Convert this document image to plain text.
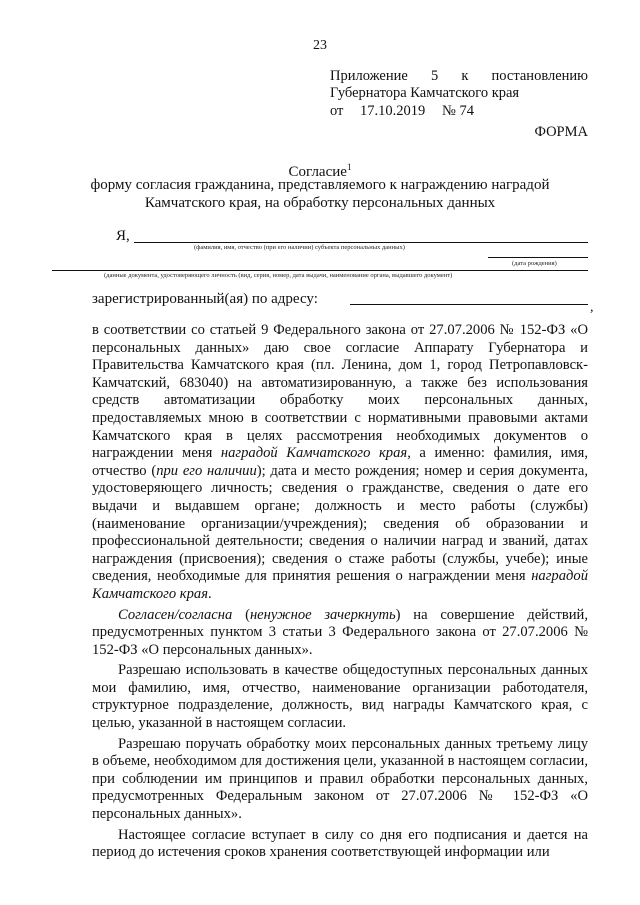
23
Приложение 5 к постановлению
Губернатора Камчатского края
от 17.10.2019 № 74
ФОРМА
Согласие$^1$
форму согласия гражданина, представляемого к награждению наградой
Камчатского края, на обработку персональных данных
Я,
(фамилия, имя, отчество (при его наличии) субъекта персональных данных)
(дата рождения)
(данные документа, удостоверяющего личность (вид, серия, номер, дата выдачи, наименование органа, выдавшего документ)
зарегистрированный(ая) по адресу:
,

в соответствии со статьей 9 Федерального закона от 27.07.2006 № 152-ФЗ «О персональных данных» даю свое согласие Аппарату Губернатора и Правительства Камчатского края (пл. Ленина, дом 1, город Петропавловск-Камчатский, 683040) на автоматизированную, а также без использования средств автоматизации обработку моих персональных данных, предоставляемых мною в соответствии с нормативными правовыми актами Камчатского края в целях рассмотрения необходимых документов о награждении меня наградой Камчатского края, а именно: фамилия, имя, отчество (при его наличии); дата и место рождения; номер и серия документа, удостоверяющего личность; сведения о гражданстве, сведения о дате его выдачи и выдавшем органе; должность и место работы (службы) (наименование организации/учреждения); сведения об образовании и профессиональной деятельности; сведения о наличии наград и званий, датах награждения (присвоения); сведения о стаже работы (службы, учебе); иные сведения, необходимые для принятия решения о награждении меня наградой Камчатского края.

Согласен/согласна (ненужное зачеркнуть) на совершение действий, предусмотренных пунктом 3 статьи 3 Федерального закона от 27.07.2006 № 152-ФЗ «О персональных данных».

Разрешаю использовать в качестве общедоступных персональных данных мои фамилию, имя, отчество, наименование организации работодателя, структурное подразделение, должность, вид награды Камчатского края, с целью, указанной в настоящем согласии.

Разрешаю поручать обработку моих персональных данных третьему лицу в объеме, необходимом для достижения цели, указанной в настоящем согласии, при соблюдении им принципов и правил обработки персональных данных, предусмотренных Федеральным законом от 27.07.2006 № 152-ФЗ «О персональных данных».

Настоящее согласие вступает в силу со дня его подписания и дается на период до истечения сроков хранения соответствующей информации или
